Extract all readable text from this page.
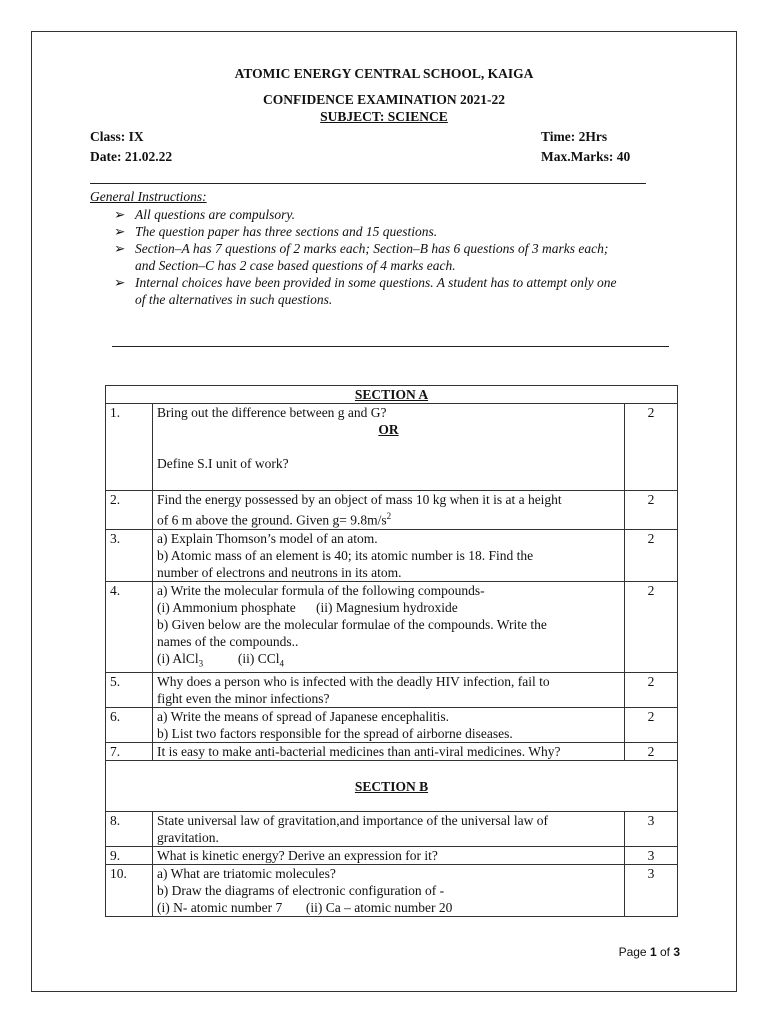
ATOMIC ENERGY CENTRAL SCHOOL, KAIGA
CONFIDENCE EXAMINATION 2021-22
SUBJECT: SCIENCE
Class: IX	Time: 2Hrs
Date: 21.02.22	Max.Marks: 40
General Instructions:
➢ All questions are compulsory.
➢ The question paper has three sections and 15 questions.
➢ Section–A has 7 questions of 2 marks each; Section–B has 6 questions of 3 marks each;
and Section–C has 2 case based questions of 4 marks each.
➢ Internal choices have been provided in some questions. A student has to attempt only one
of the alternatives in such questions.
SECTION A		
1.	Bring out the difference between g and G?
OR
Define S.I unit of work?	2
2.	Find the energy possessed by an object of mass 10 kg when it is at a height
of 6 m above the ground. Given $g= 9.8m/s^2$	2
3.	a) Explain Thomson’s model of an atom.
b) Atomic mass of an element is 40; its atomic number is 18. Find the
number of electrons and neutrons in its atom.	2
4.	a) Write the molecular formula of the following compounds-
(i) Ammonium phosphate      (ii) Magnesium hydroxide
b) Given below are the molecular formulae of the compounds. Write the
names of the compounds..
(i) AlCl$_3$ (ii) CCl$_4$	2
5.	Why does a person who is infected with the deadly HIV infection, fail to
fight even the minor infections?	2
6.	a) Write the means of spread of Japanese encephalitis.
b) List two factors responsible for the spread of airborne diseases.	2
7.	It is easy to make anti-bacterial medicines than anti-viral medicines. Why?	2
SECTION B		
8.	State universal law of gravitation,and importance of the universal law of
gravitation.	3
9.	What is kinetic energy? Derive an expression for it?	3
10.	a) What are triatomic molecules?
b) Draw the diagrams of electronic configuration of -
(i) N- atomic number 7       (ii) Ca – atomic number 20	3
Page 1 of 3
